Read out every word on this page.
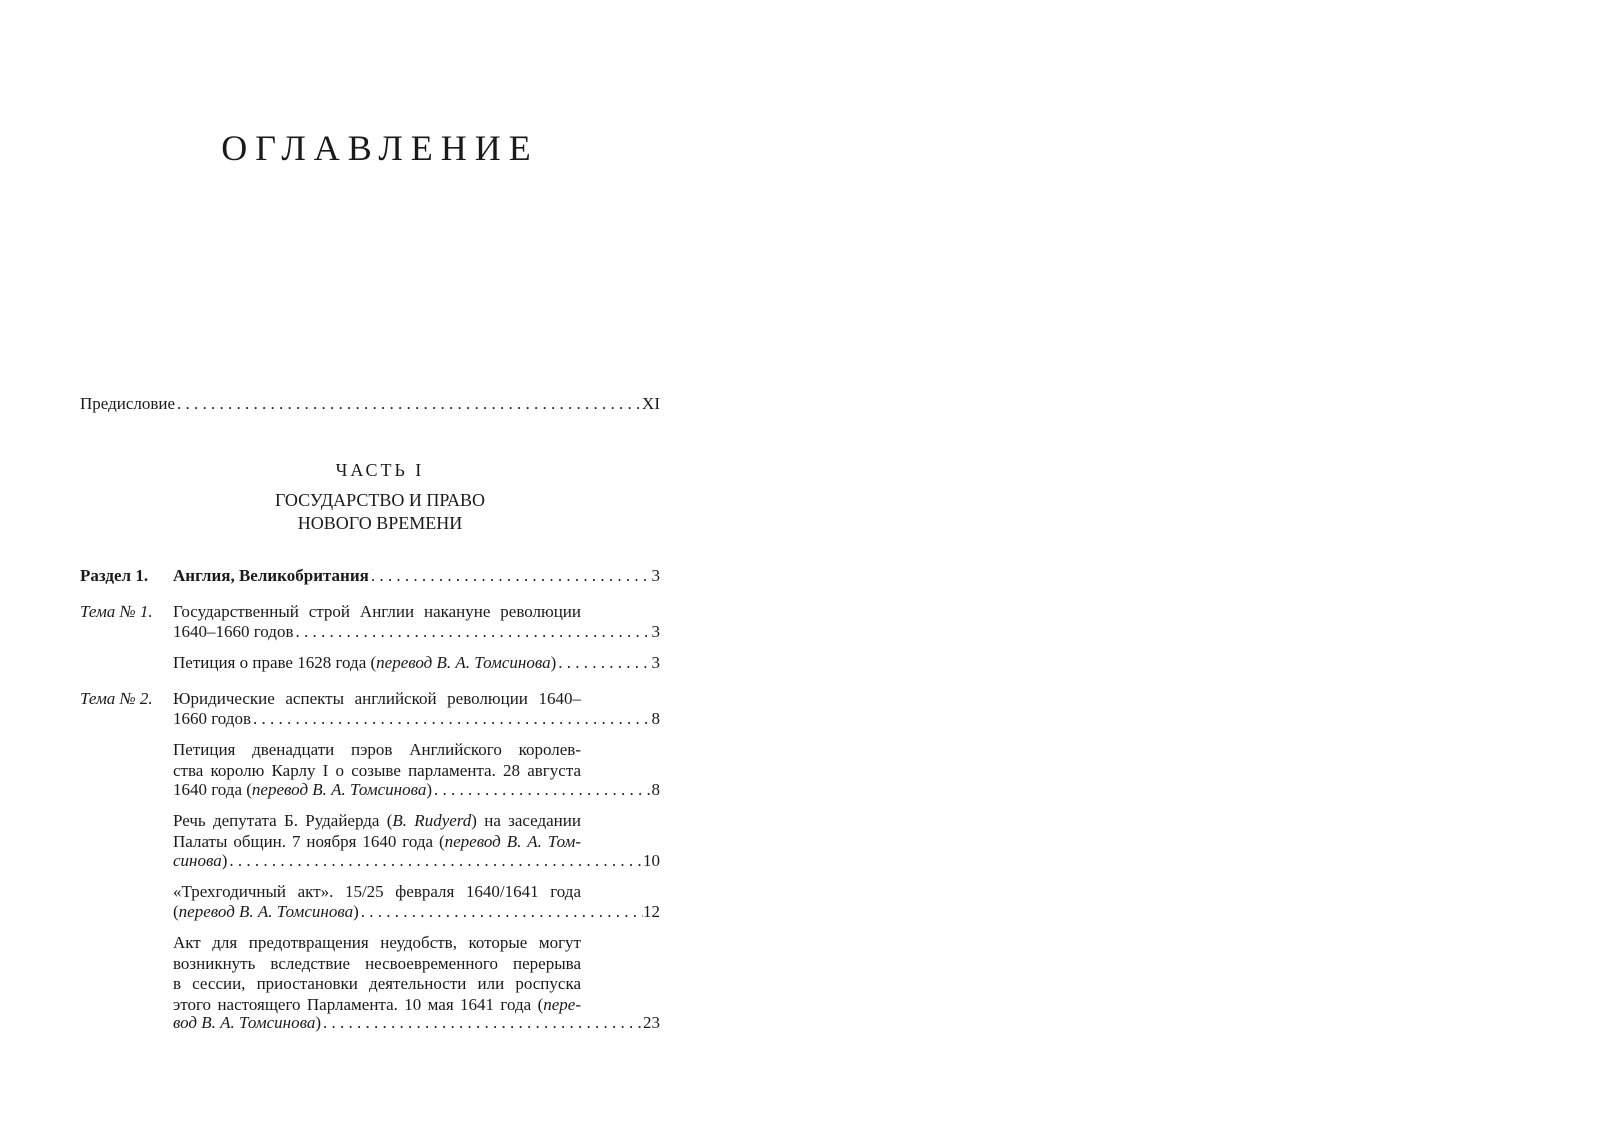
ОГЛАВЛЕНИЕ
Предисловие . . .	XI
ЧАСТЬ I
ГОСУДАРСТВО И ПРАВО
НОВОГО ВРЕМЕНИ
Раздел 1. Англия, Великобритания . . .	3
Тема № 1. Государственный строй Англии накануне революции
1640–1660 годов . . .	3
Петиция о праве 1628 года (перевод В. А. Томсинова) . . .	3
Тема № 2. Юридические аспекты английской революции 1640–
1660 годов . . .	8
Петиция двенадцати пэров Английского королев-
ства королю Карлу I о созыве парламента. 28 августа
1640 года (перевод В. А. Томсинова) . . .	8
Речь депутата Б. Рудайерда (B. Rudyerd) на заседании
Палаты общин. 7 ноября 1640 года (перевод В. А. Том-
синова) . . .	10
«Трехгодичный акт». 15/25 февраля 1640/1641 года
(перевод В. А. Томсинова) . . .	12
Акт для предотвращения неудобств, которые могут
возникнуть вследствие несвоевременного перерыва
в сессии, приостановки деятельности или роспуска
этого настоящего Парламента. 10 мая 1641 года (пере-
вод В. А. Томсинова) . . .	23
